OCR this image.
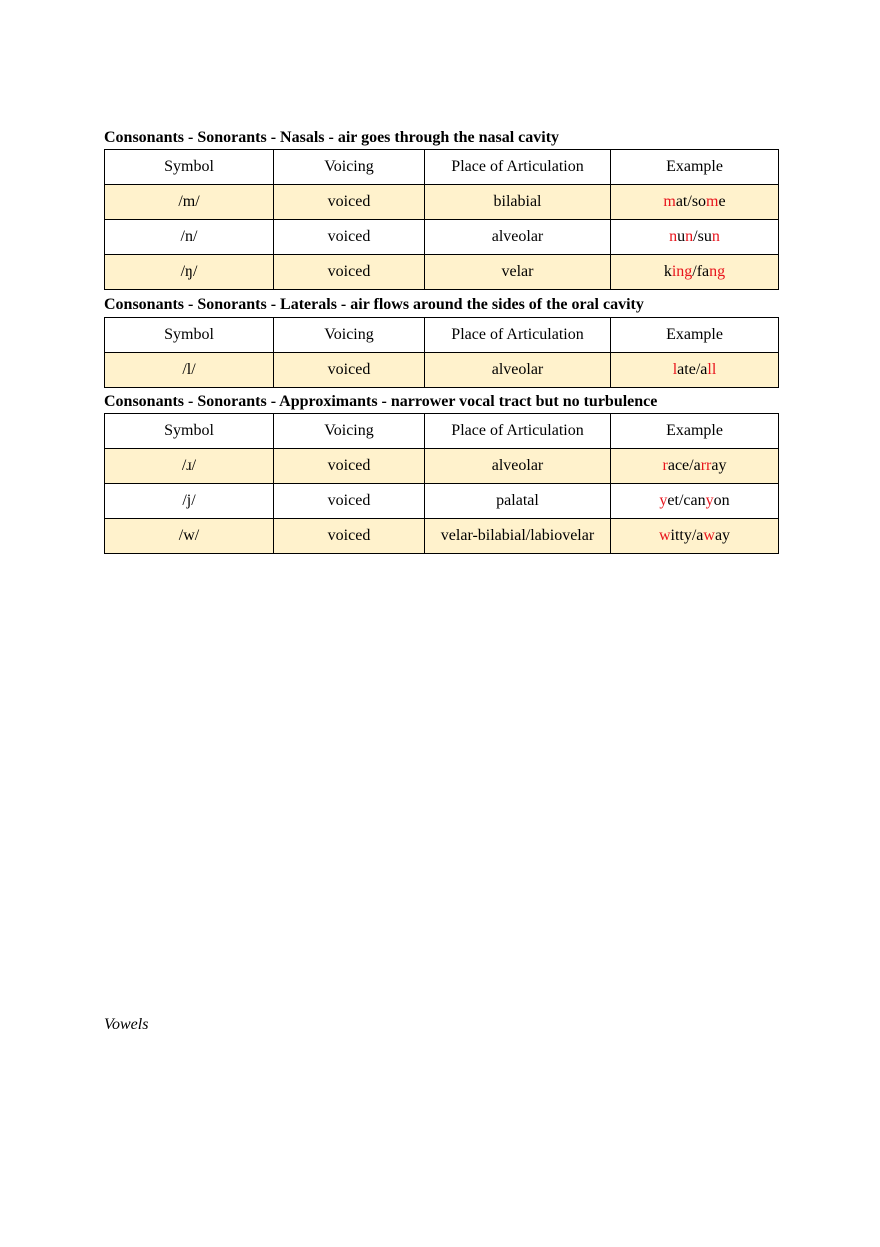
Consonants - Sonorants - Nasals - air goes through the nasal cavity
Symbol	Voicing	Place of Articulation	Example
/m/	voiced	bilabial	mat/some
/n/	voiced	alveolar	nun/sun
/ŋ/	voiced	velar	king/fang
Consonants - Sonorants - Laterals - air flows around the sides of the oral cavity
Symbol	Voicing	Place of Articulation	Example
/l/	voiced	alveolar	late/all
Consonants - Sonorants - Approximants - narrower vocal tract but no turbulence
Symbol	Voicing	Place of Articulation	Example
/ɹ/	voiced	alveolar	race/array
/j/	voiced	palatal	yet/canyon
/w/	voiced	velar-bilabial/labiovelar	witty/away
Vowels
